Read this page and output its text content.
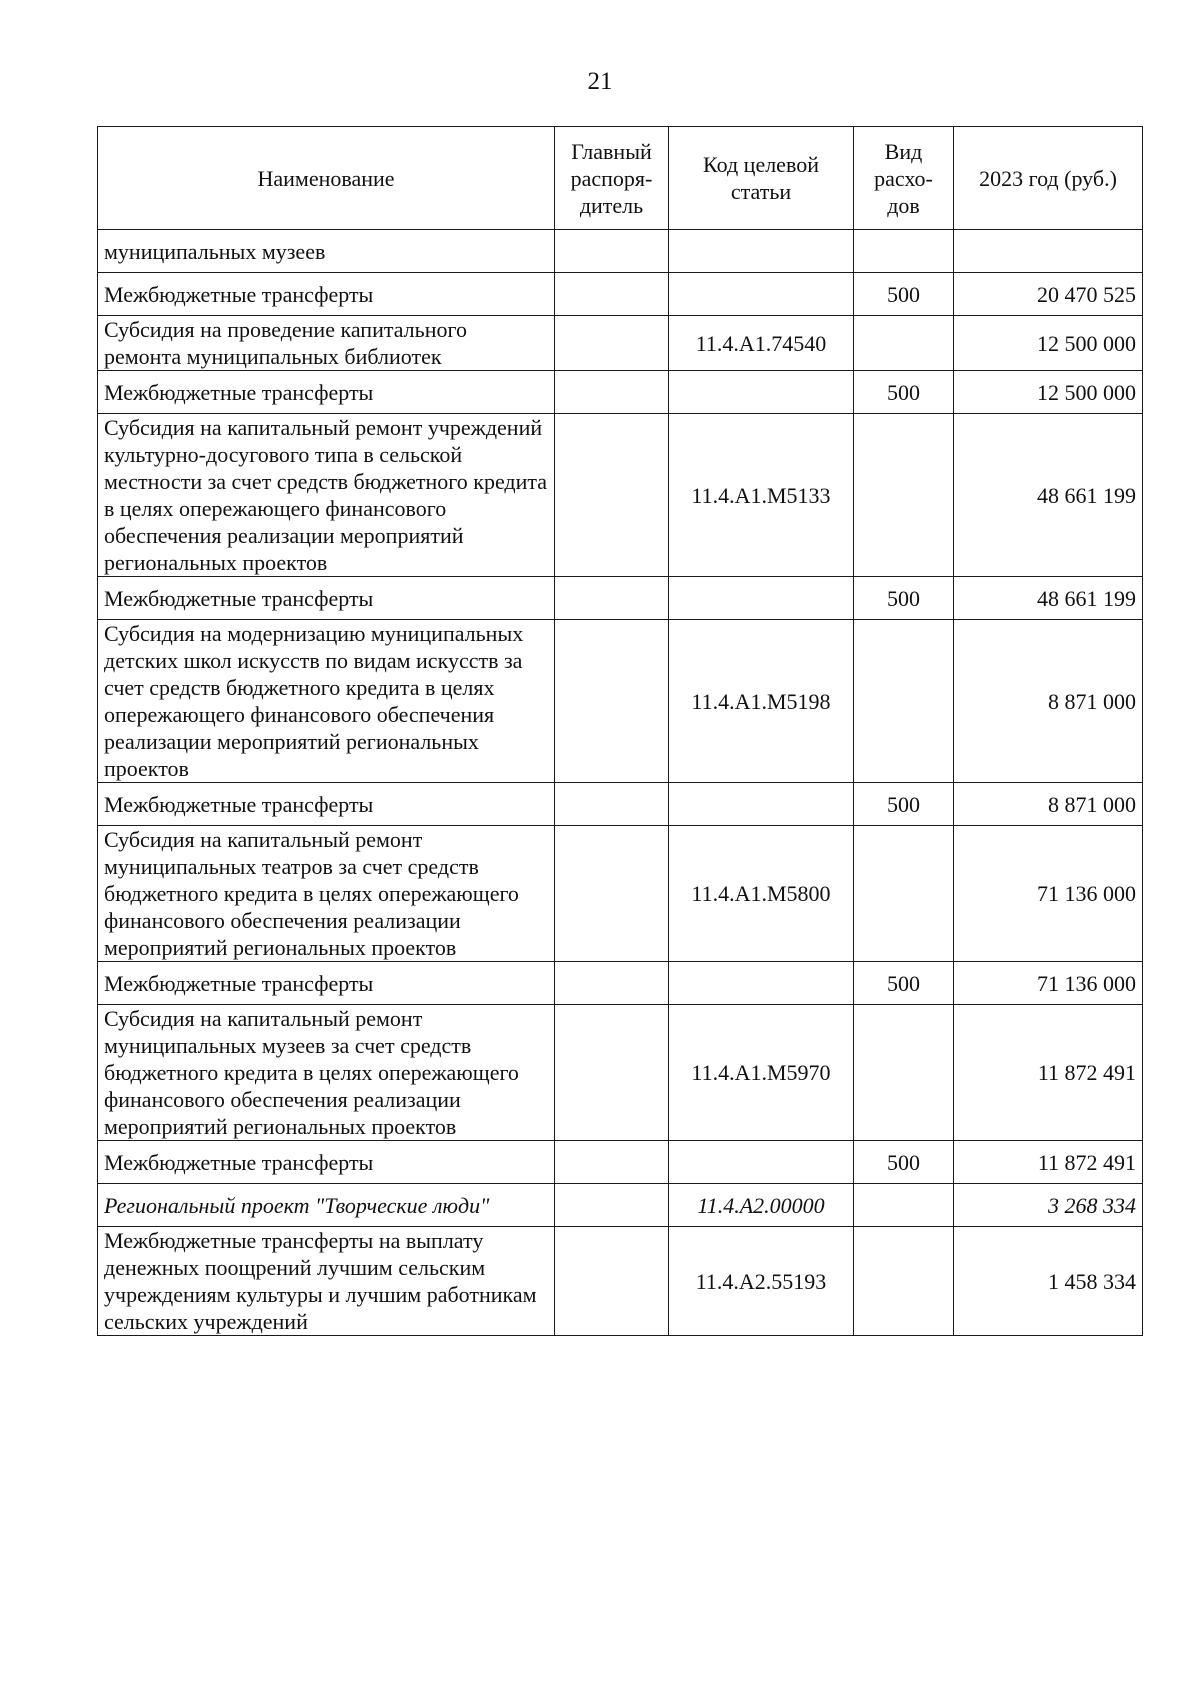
21
Наименование	Главный распоря-дитель	Код целевой статьи	Вид расхо-дов	2023 год (руб.)
муниципальных музеев				
Межбюджетные трансферты			500	20 470 525
Субсидия на проведение капитального ремонта муниципальных библиотек		11.4.А1.74540		12 500 000
Межбюджетные трансферты			500	12 500 000
Субсидия на капитальный ремонт учреждений культурно-досугового типа в сельской местности за счет средств бюджетного кредита в целях опережающего финансового обеспечения реализации мероприятий региональных проектов		11.4.А1.М5133		48 661 199
Межбюджетные трансферты			500	48 661 199
Субсидия на модернизацию муниципальных детских школ искусств по видам искусств за счет средств бюджетного кредита в целях опережающего финансового обеспечения реализации мероприятий региональных проектов		11.4.А1.М5198		8 871 000
Межбюджетные трансферты			500	8 871 000
Субсидия на капитальный ремонт муниципальных театров за счет средств бюджетного кредита в целях опережающего финансового обеспечения реализации мероприятий региональных проектов		11.4.А1.М5800		71 136 000
Межбюджетные трансферты			500	71 136 000
Субсидия на капитальный ремонт муниципальных музеев за счет средств бюджетного кредита в целях опережающего финансового обеспечения реализации мероприятий региональных проектов		11.4.А1.М5970		11 872 491
Межбюджетные трансферты			500	11 872 491
Региональный проект "Творческие люди"		11.4.А2.00000		3 268 334
Межбюджетные трансферты на выплату денежных поощрений лучшим сельским учреждениям культуры и лучшим работникам сельских учреждений		11.4.А2.55193		1 458 334
